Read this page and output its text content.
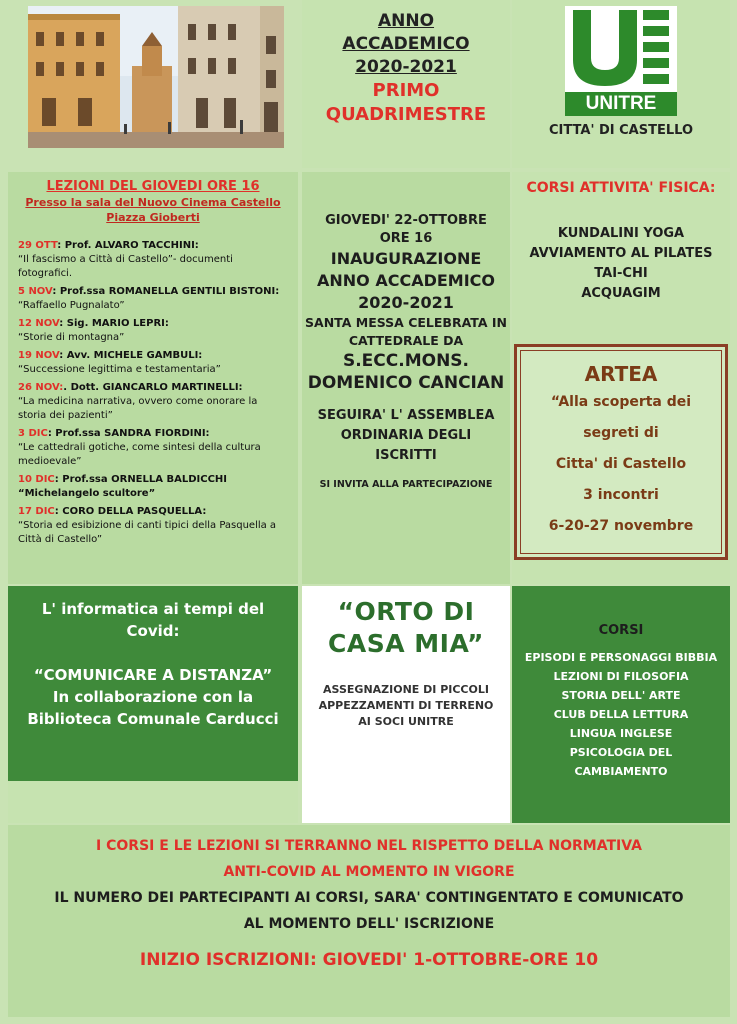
ANNO
ACCADEMICO
2020-2021
PRIMO
QUADRIMESTRE
UNITRE
CITTA' DI CASTELLO
LEZIONI DEL GIOVEDI ORE 16
Presso la sala del Nuovo Cinema Castello
Piazza Gioberti
29 OTT: Prof. ALVARO TACCHINI:
“Il fascismo a Città di Castello”- documenti fotografici.
5 NOV: Prof.ssa ROMANELLA GENTILI BISTONI:
“Raffaello Pugnalato”
12 NOV: Sig. MARIO LEPRI:
“Storie di montagna”
19 NOV: Avv. MICHELE GAMBULI:
“Successione legittima e testamentaria”
26 NOV:. Dott. GIANCARLO MARTINELLI:
“La medicina narrativa, ovvero come onorare la storia dei pazienti”
3 DIC: Prof.ssa SANDRA FIORDINI:
“Le cattedrali gotiche, come sintesi della cultura medioevale”
10 DIC: Prof.ssa ORNELLA BALDICCHI “Michelangelo scultore”
17 DIC: CORO DELLA PASQUELLA:
“Storia ed esibizione di canti tipici della Pasquella a Città di Castello”
GIOVEDI' 22-OTTOBRE
ORE 16
INAUGURAZIONE
ANNO ACCADEMICO
2020-2021
SANTA MESSA CELEBRATA IN
CATTEDRALE DA
S.ECC.MONS.
DOMENICO CANCIAN
SEGUIRA' L' ASSEMBLEA
ORDINARIA DEGLI
ISCRITTI
SI INVITA ALLA PARTECIPAZIONE
CORSI ATTIVITA' FISICA:
KUNDALINI YOGA
AVVIAMENTO AL PILATES
TAI-CHI
ACQUAGIM
ARTEA
“Alla scoperta dei
segreti di
Citta' di Castello
3 incontri
6-20-27 novembre
L' informatica ai tempi del
Covid:
“COMUNICARE A DISTANZA”
In collaborazione con la
Biblioteca Comunale Carducci
“ORTO DI
CASA MIA”
ASSEGNAZIONE DI PICCOLI
APPEZZAMENTI DI TERRENO
AI SOCI UNITRE
CORSI
EPISODI E PERSONAGGI BIBBIA
LEZIONI DI FILOSOFIA
STORIA DELL' ARTE
CLUB DELLA LETTURA
LINGUA INGLESE
PSICOLOGIA DEL
CAMBIAMENTO
I CORSI E LE LEZIONI SI TERRANNO NEL RISPETTO DELLA NORMATIVA
ANTI-COVID AL MOMENTO IN VIGORE
IL NUMERO DEI PARTECIPANTI AI CORSI, SARA' CONTINGENTATO E COMUNICATO
AL MOMENTO DELL' ISCRIZIONE
INIZIO ISCRIZIONI: GIOVEDI' 1-OTTOBRE-ORE 10
